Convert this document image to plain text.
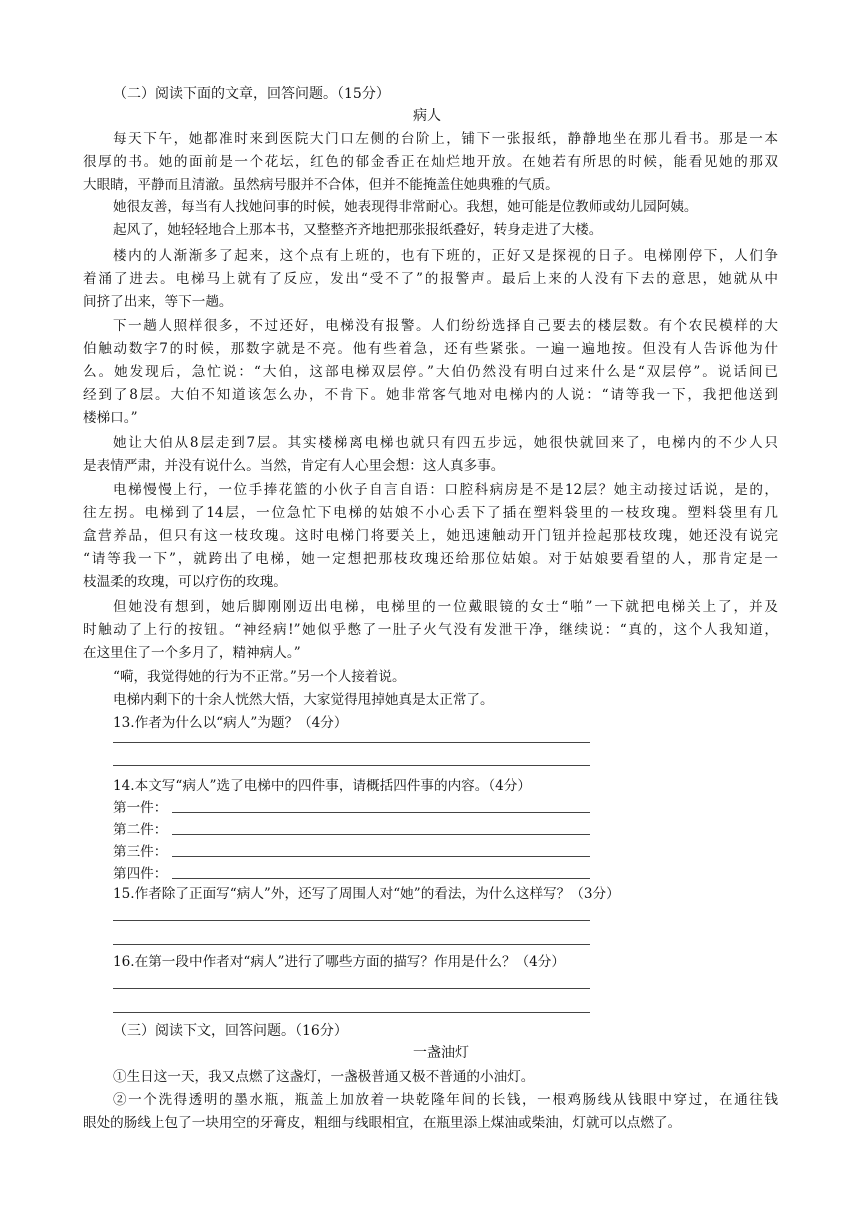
（二）阅读下面的文章，回答问题。（15分）
病人
每天下午，她都准时来到医院大门口左侧的台阶上，铺下一张报纸，静静地坐在那儿看书。那是一本
很厚的书。她的面前是一个花坛，红色的郁金香正在灿烂地开放。在她若有所思的时候，能看见她的那双
大眼睛，平静而且清澈。虽然病号服并不合体，但并不能掩盖住她典雅的气质。
她很友善，每当有人找她问事的时候，她表现得非常耐心。我想，她可能是位教师或幼儿园阿姨。
起风了，她轻轻地合上那本书，又整整齐齐地把那张报纸叠好，转身走进了大楼。
楼内的人渐渐多了起来，这个点有上班的，也有下班的，正好又是探视的日子。电梯刚停下，人们争
着涌了进去。电梯马上就有了反应，发出“受不了”的报警声。最后上来的人没有下去的意思，她就从中
间挤了出来，等下一趟。
下一趟人照样很多，不过还好，电梯没有报警。人们纷纷选择自己要去的楼层数。有个农民模样的大
伯触动数字7的时候，那数字就是不亮。他有些着急，还有些紧张。一遍一遍地按。但没有人告诉他为什
么。她发现后，急忙说：“大伯，这部电梯双层停。”大伯仍然没有明白过来什么是“双层停”。说话间已
经到了8层。大伯不知道该怎么办，不肯下。她非常客气地对电梯内的人说：“请等我一下，我把他送到
楼梯口。”
她让大伯从8层走到7层。其实楼梯离电梯也就只有四五步远，她很快就回来了，电梯内的不少人只
是表情严肃，并没有说什么。当然，肯定有人心里会想：这人真多事。
电梯慢慢上行，一位手捧花篮的小伙子自言自语：口腔科病房是不是12层？她主动接过话说，是的，
往左拐。电梯到了14层，一位急忙下电梯的姑娘不小心丢下了插在塑料袋里的一枝玫瑰。塑料袋里有几
盒营养品，但只有这一枝玫瑰。这时电梯门将要关上，她迅速触动开门钮并捡起那枝玫瑰，她还没有说完
“请等我一下”，就跨出了电梯，她一定想把那枝玫瑰还给那位姑娘。对于姑娘要看望的人，那肯定是一
枝温柔的玫瑰，可以疗伤的玫瑰。
但她没有想到，她后脚刚刚迈出电梯，电梯里的一位戴眼镜的女士“啪”一下就把电梯关上了，并及
时触动了上行的按钮。“神经病!”她似乎憋了一肚子火气没有发泄干净，继续说：“真的，这个人我知道，
在这里住了一个多月了，精神病人。”
“嗬，我觉得她的行为不正常。”另一个人接着说。
电梯内剩下的十余人恍然大悟，大家觉得甩掉她真是太正常了。
13.作者为什么以“病人”为题？（4分）
14.本文写“病人”选了电梯中的四件事，请概括四件事的内容。（4分）
第一件：
第二件：
第三件：
第四件：
15.作者除了正面写“病人”外，还写了周围人对“她”的看法，为什么这样写？（3分）
16.在第一段中作者对“病人”进行了哪些方面的描写？作用是什么？（4分）
（三）阅读下文，回答问题。（16分）
一盏油灯
①生日这一天，我又点燃了这盏灯，一盏极普通又极不普通的小油灯。
②一个洗得透明的墨水瓶，瓶盖上加放着一块乾隆年间的长钱，一根鸡肠线从钱眼中穿过，在通往钱
眼处的肠线上包了一块用空的牙膏皮，粗细与线眼相宜，在瓶里添上煤油或柴油，灯就可以点燃了。
